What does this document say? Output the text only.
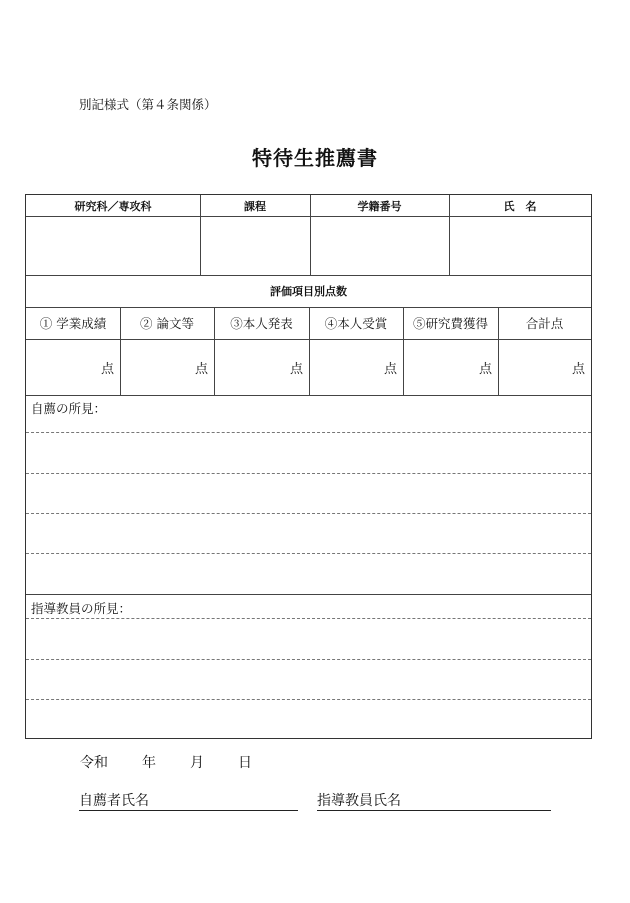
別記様式（第４条関係）
特待生推薦書
研究科／専攻科	課程	学籍番号	氏　名
評価項目別点数
① 学業成績	② 論文等	③本人発表	④本人受賞	⑤研究費獲得	合計点
点	点	点	点	点	点
自薦の所見：
指導教員の所見：
令和 年 月 日
自薦者氏名	指導教員氏名
